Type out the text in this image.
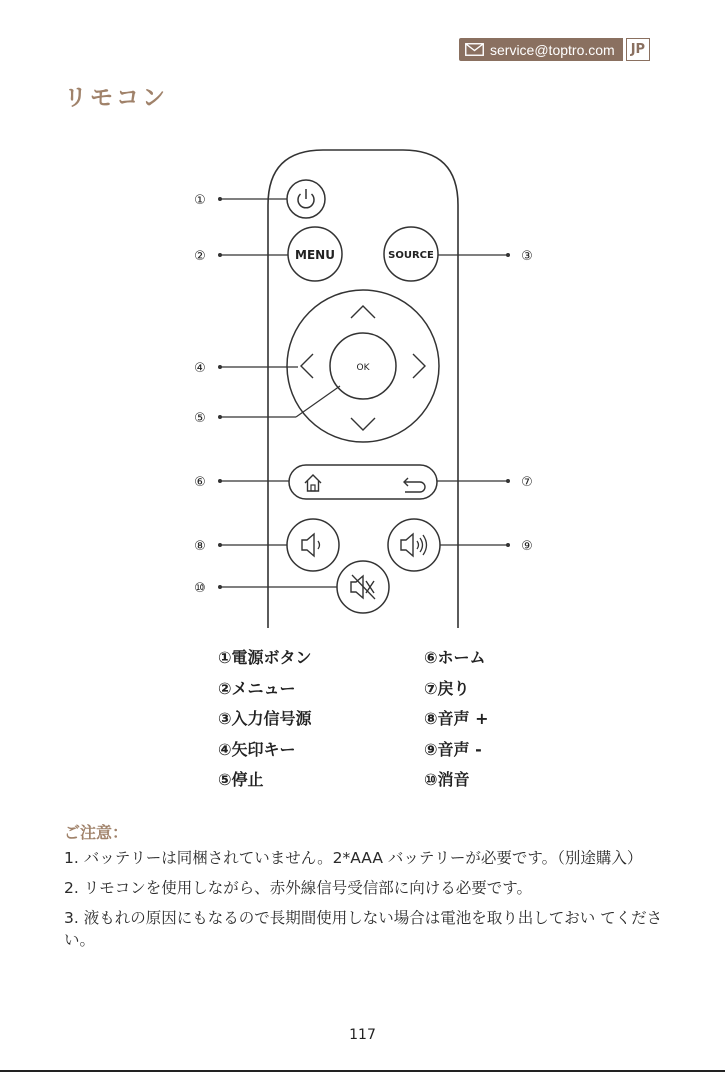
service@toptro.com	JP
リモコン
MENU	SOURCE
OK
①
②	③
④
⑤
⑥	⑦
⑧	⑨
⑩
①電源ボタン
②メニュー
③入力信号源
④矢印キー
⑤停止
⑥ホーム
⑦戻り
⑧音声 +
⑨音声 -
⑩消音
ご注意：

1. バッテリーは同梱されていません。2*AAA バッテリーが必要です。（別途購入）

2. リモコンを使用しながら、赤外線信号受信部に向ける必要です。

3. 液もれの原因にもなるので長期間使用しない場合は電池を取り出しておい てください。

117
